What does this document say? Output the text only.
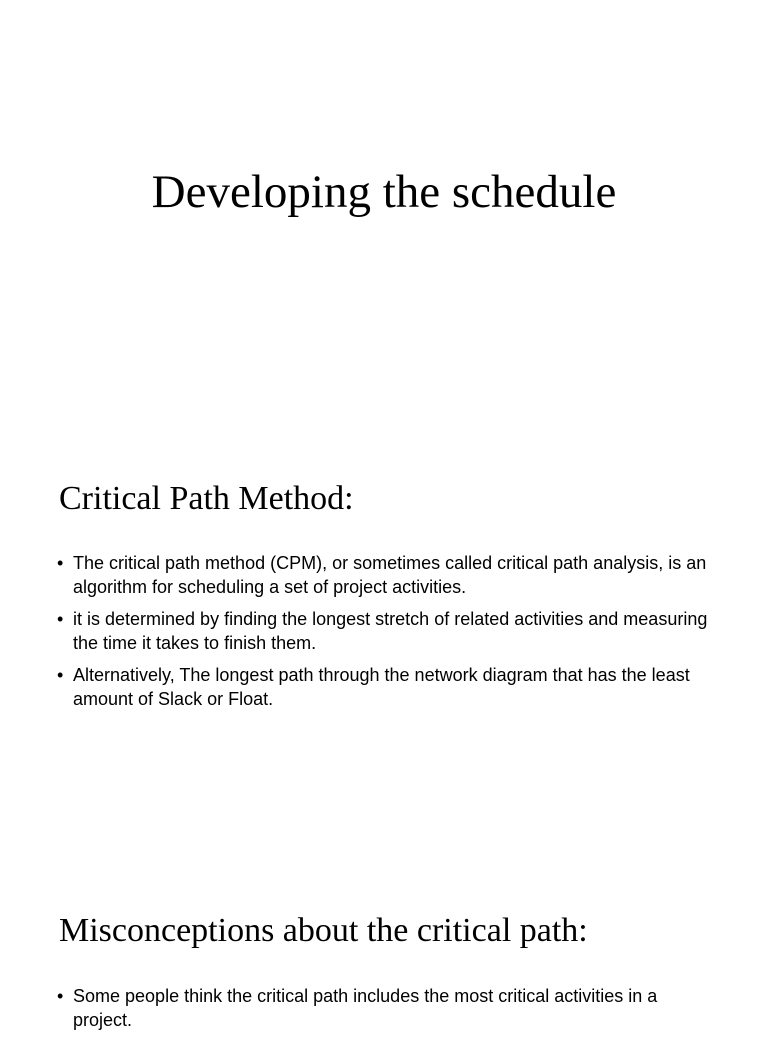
Developing the schedule
Critical Path Method:
• The critical path method (CPM), or sometimes called critical path analysis, is an algorithm for scheduling a set of project activities.
• it is determined by finding the longest stretch of related activities and measuring the time it takes to finish them.
• Alternatively, The longest path through the network diagram that has the least amount of Slack or Float.
Misconceptions about the critical path:
• Some people think the critical path includes the most critical activities in a project.
